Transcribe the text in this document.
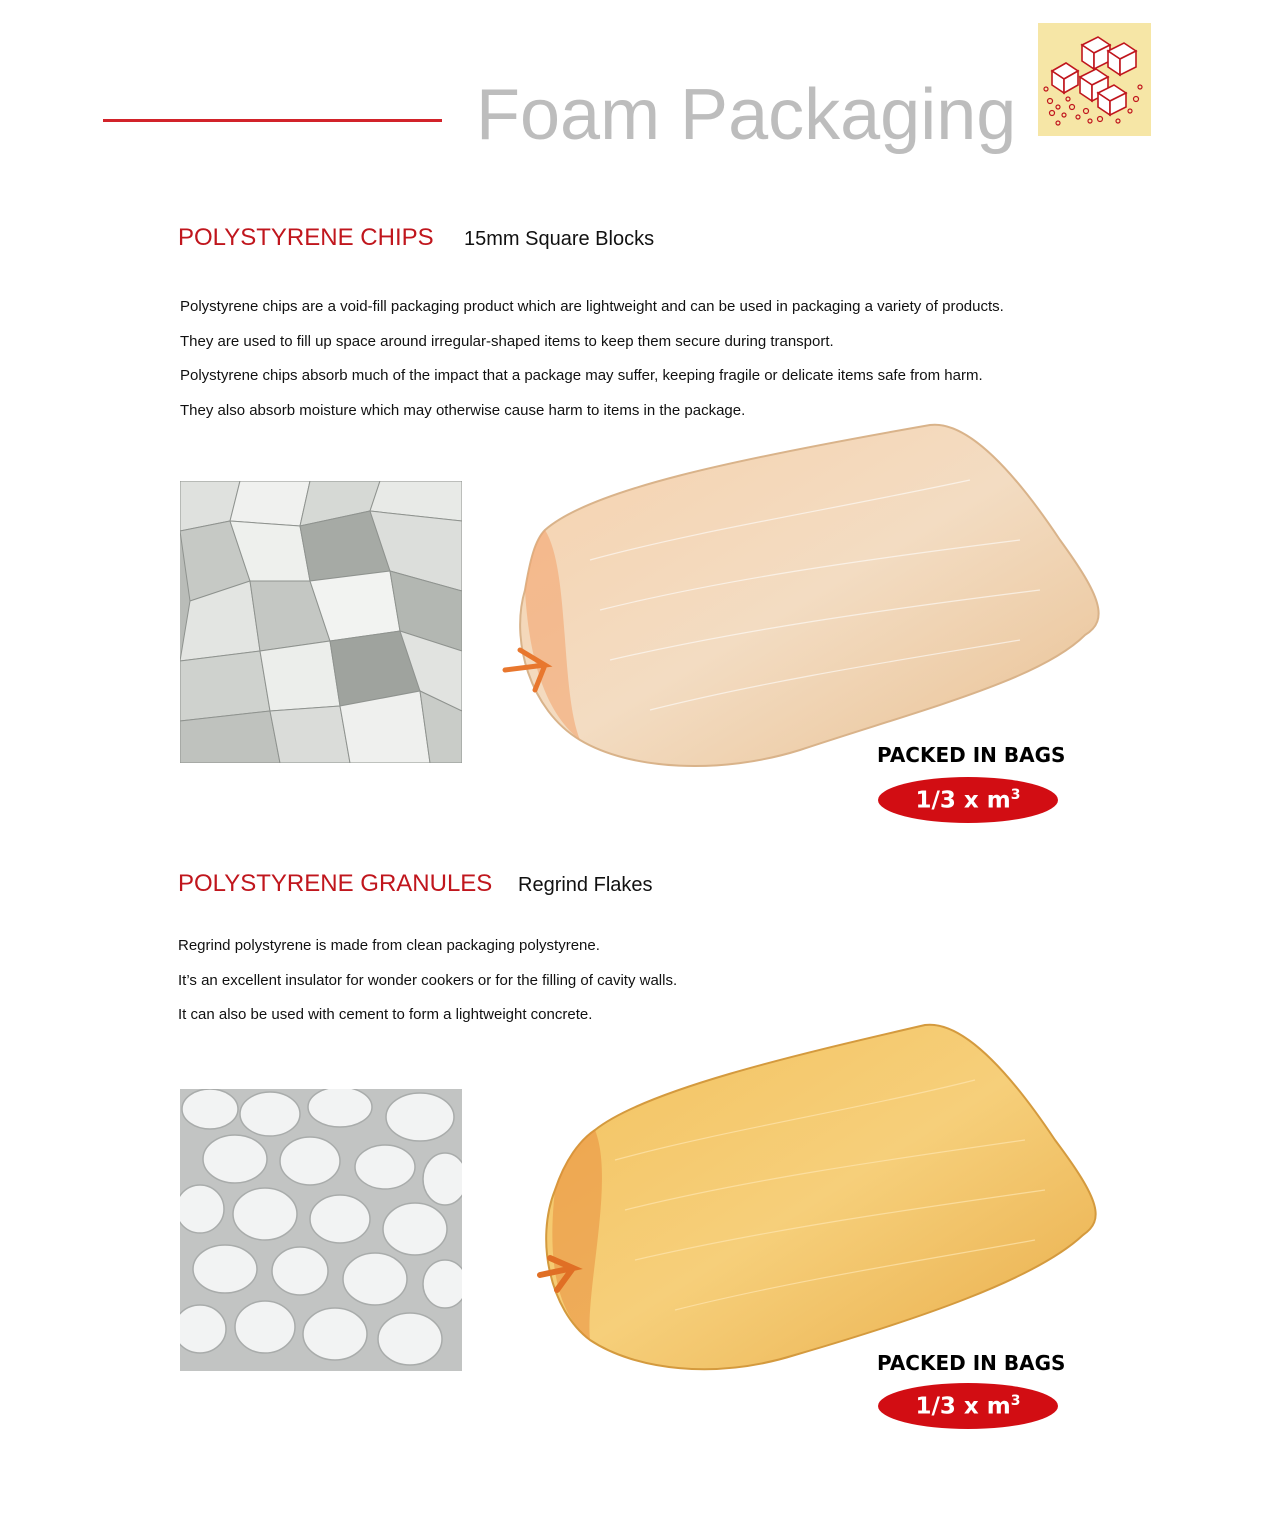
Foam Packaging
POLYSTYRENE CHIPS 15mm Square Blocks
Polystyrene chips are a void-fill packaging product which are lightweight and can be used in packaging a variety of products.
They are used to fill up space around irregular-shaped items to keep them secure during transport.
Polystyrene chips absorb much of the impact that a package may suffer, keeping fragile or delicate items safe from harm.
They also absorb moisture which may otherwise cause harm to items in the package.
PACKED IN BAGS
1/3 x $m^3$
POLYSTYRENE GRANULES Regrind Flakes
Regrind polystyrene is made from clean packaging polystyrene.
It’s an excellent insulator for wonder cookers or for the filling of cavity walls.
It can also be used with cement to form a lightweight concrete.
PACKED IN BAGS
1/3 x $m^3$
